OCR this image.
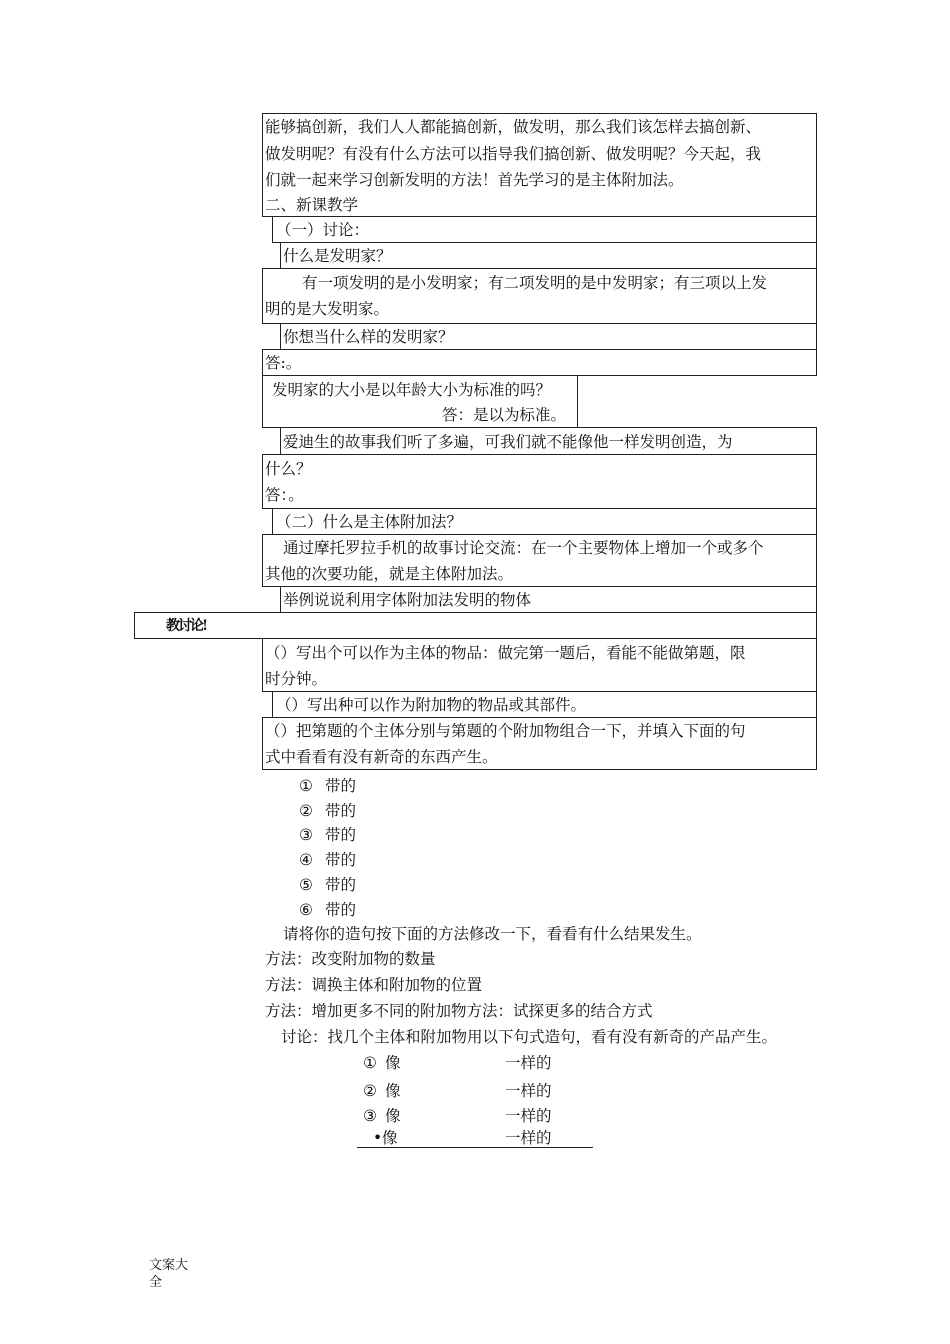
能够搞创新，我们人人都能搞创新，做发明，那么我们该怎样去搞创新、
做发明呢？有没有什么方法可以指导我们搞创新、做发明呢？今天起，我
们就一起来学习创新发明的方法！首先学习的是主体附加法。
二、新课教学
（一）讨论：
什么是发明家？
有一项发明的是小发明家；有二项发明的是中发明家；有三项以上发
明的是大发明家。
你想当什么样的发明家？
答:。
发明家的大小是以年龄大小为标准的吗？
答：是以为标准。
爱迪生的故事我们听了多遍，可我们就不能像他一样发明创造，为
什么？
答：。
（二）什么是主体附加法？
通过摩托罗拉手机的故事讨论交流：在一个主要物体上增加一个或多个
其他的次要功能，就是主体附加法。
举例说说利用字体附加法发明的物体
教讨论!
（）写出个可以作为主体的物品：做完第一题后，看能不能做第题，限
时分钟。
（）写出种可以作为附加物的物品或其部件。
（）把第题的个主体分别与第题的个附加物组合一下，并填入下面的句
式中看看有没有新奇的东西产生。
① 带的
② 带的
③ 带的
④ 带的
⑤ 带的
⑥ 带的
请将你的造句按下面的方法修改一下，看看有什么结果发生。
方法：改变附加物的数量
方法：调换主体和附加物的位置
方法：增加更多不同的附加物方法：试探更多的结合方式
讨论：找几个主体和附加物用以下句式造句，看有没有新奇的产品产生。
① 像	一样的
② 像	一样的
③ 像	一样的
• 像	一样的
文案大
全
